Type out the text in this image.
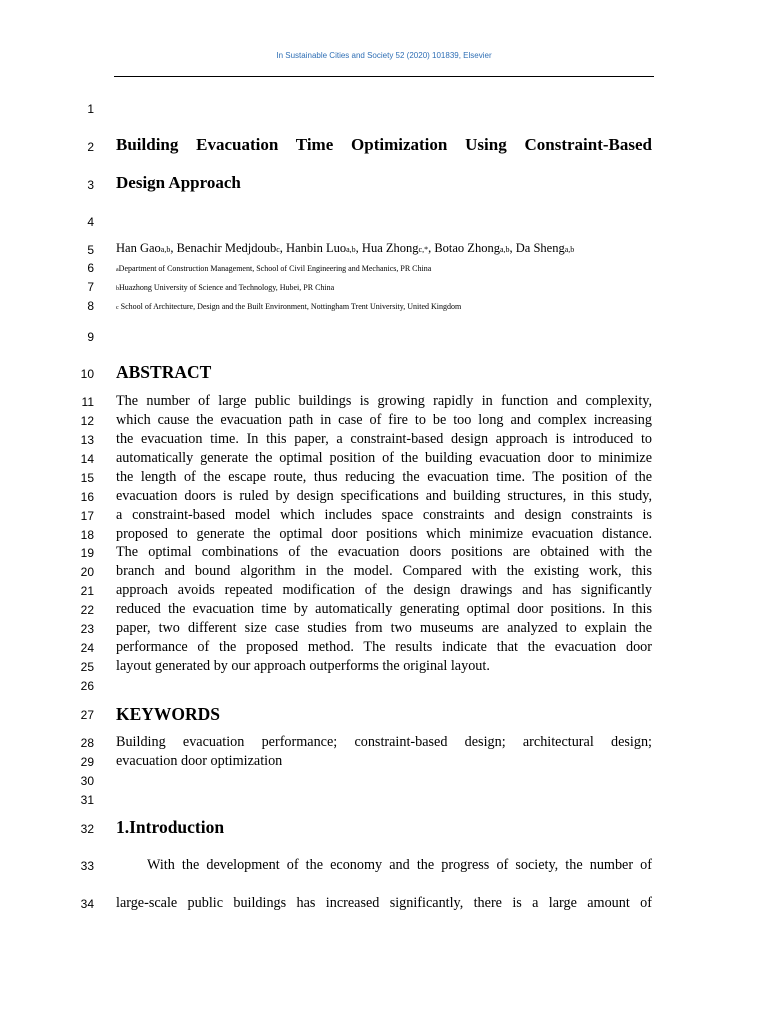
In Sustainable Cities and Society 52 (2020) 101839, Elsevier
1
2
3
4
5
6
7
8
9
10
11
12
13
14
15
16
17
18
19
20
21
22
23
24
25
26
27
28
29
30
31
32
33
34
Building Evacuation Time Optimization Using Constraint-Based
Design Approach
Han Gaoa,b, Benachir Medjdoubc, Hanbin Luoa,b, Hua Zhongc,*, Botao Zhonga,b, Da Shenga,b
aDepartment of Construction Management, School of Civil Engineering and Mechanics, PR China
bHuazhong University of Science and Technology, Hubei, PR China
c School of Architecture, Design and the Built Environment, Nottingham Trent University, United Kingdom
ABSTRACT
The number of large public buildings is growing rapidly in function and complexity,
which cause the evacuation path in case of fire to be too long and complex increasing
the evacuation time. In this paper, a constraint-based design approach is introduced to
automatically generate the optimal position of the building evacuation door to minimize
the length of the escape route, thus reducing the evacuation time. The position of the
evacuation doors is ruled by design specifications and building structures, in this study,
a constraint-based model which includes space constraints and design constraints is
proposed to generate the optimal door positions which minimize evacuation distance.
The optimal combinations of the evacuation doors positions are obtained with the
branch and bound algorithm in the model. Compared with the existing work, this
approach avoids repeated modification of the design drawings and has significantly
reduced the evacuation time by automatically generating optimal door positions. In this
paper, two different size case studies from two museums are analyzed to explain the
performance of the proposed method. The results indicate that the evacuation door
layout generated by our approach outperforms the original layout.
KEYWORDS
Building evacuation performance; constraint-based design; architectural design;
evacuation door optimization
1.Introduction
With the development of the economy and the progress of society, the number of
large-scale public buildings has increased significantly, there is a large amount of
